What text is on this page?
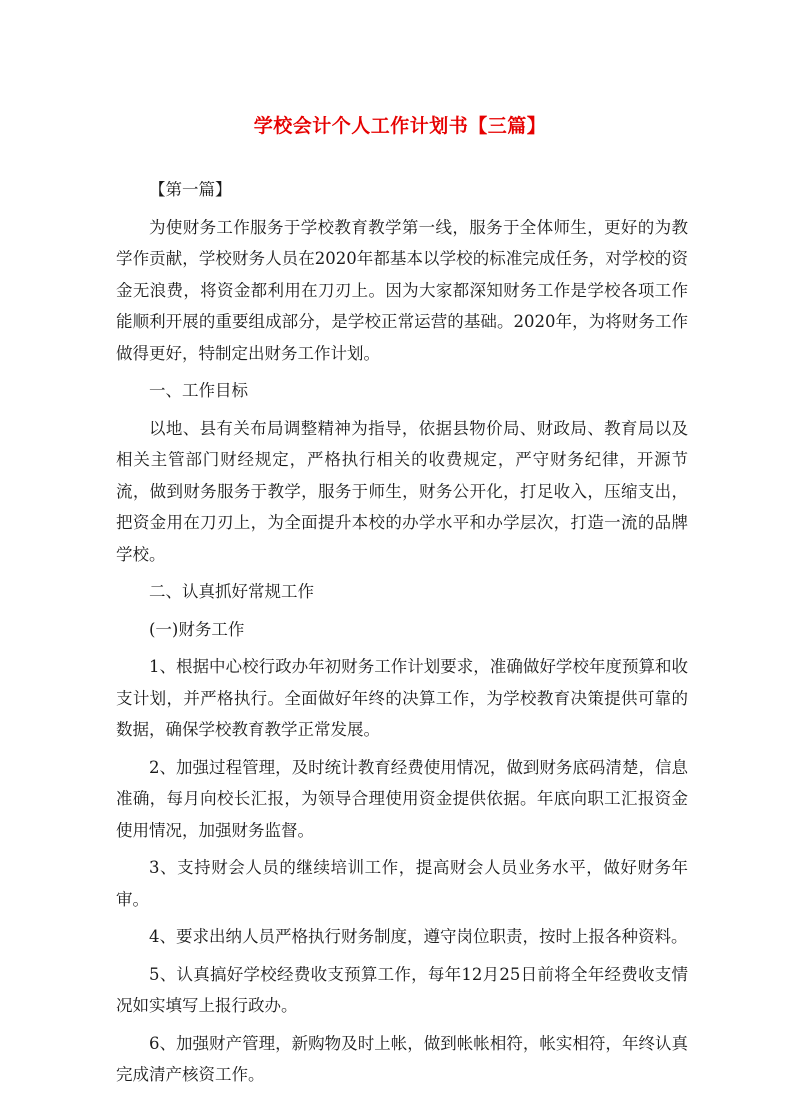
学校会计个人工作计划书【三篇】

【第一篇】

为使财务工作服务于学校教育教学第一线，服务于全体师生，更好的为教学作贡献，学校财务人员在2020年都基本以学校的标准完成任务，对学校的资金无浪费，将资金都利用在刀刃上。因为大家都深知财务工作是学校各项工作能顺利开展的重要组成部分，是学校正常运营的基础。2020年，为将财务工作做得更好，特制定出财务工作计划。

一、工作目标

以地、县有关布局调整精神为指导，依据县物价局、财政局、教育局以及相关主管部门财经规定，严格执行相关的收费规定，严守财务纪律，开源节流，做到财务服务于教学，服务于师生，财务公开化，打足收入，压缩支出，把资金用在刀刃上，为全面提升本校的办学水平和办学层次，打造一流的品牌学校。

二、认真抓好常规工作

(一)财务工作

1、根据中心校行政办年初财务工作计划要求，准确做好学校年度预算和收支计划，并严格执行。全面做好年终的决算工作，为学校教育决策提供可靠的数据，确保学校教育教学正常发展。

2、加强过程管理，及时统计教育经费使用情况，做到财务底码清楚，信息准确，每月向校长汇报，为领导合理使用资金提供依据。年底向职工汇报资金使用情况，加强财务监督。

3、支持财会人员的继续培训工作，提高财会人员业务水平，做好财务年审。

4、要求出纳人员严格执行财务制度，遵守岗位职责，按时上报各种资料。

5、认真搞好学校经费收支预算工作，每年12月25日前将全年经费收支情况如实填写上报行政办。

6、加强财产管理，新购物及时上帐，做到帐帐相符，帐实相符，年终认真完成清产核资工作。
